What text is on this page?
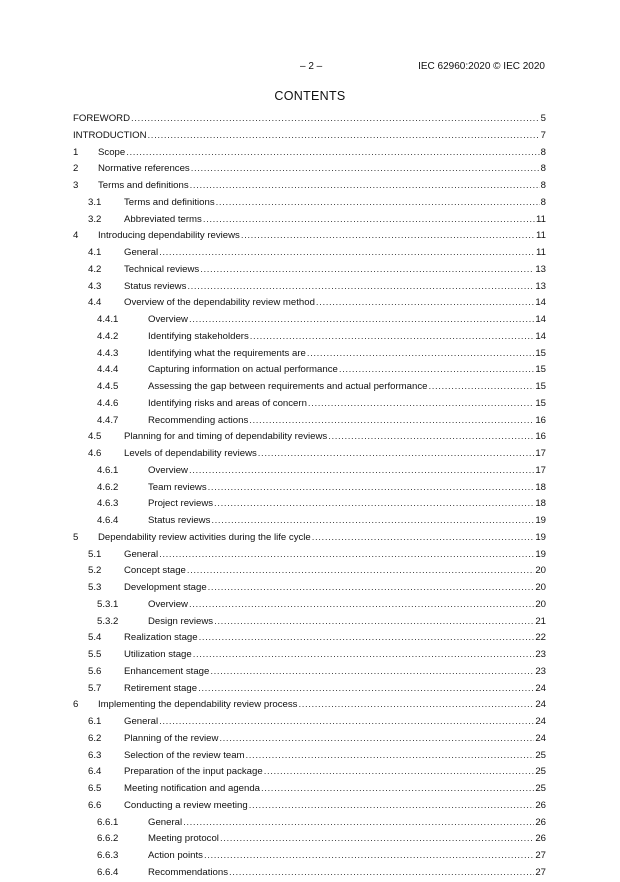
– 2 –	IEC 62960:2020 © IEC 2020
CONTENTS
FOREWORD .....	5
INTRODUCTION .....	7
1	Scope .....	8
2	Normative references .....	8
3	Terms and definitions .....	8
3.1	Terms and definitions .....	8
3.2	Abbreviated terms .....	11
4	Introducing dependability reviews .....	11
4.1	General .....	11
4.2	Technical reviews .....	13
4.3	Status reviews .....	13
4.4	Overview of the dependability review method .....	14
4.4.1	Overview .....	14
4.4.2	Identifying stakeholders .....	14
4.4.3	Identifying what the requirements are .....	15
4.4.4	Capturing information on actual performance .....	15
4.4.5	Assessing the gap between requirements and actual performance .....	15
4.4.6	Identifying risks and areas of concern .....	15
4.4.7	Recommending actions .....	16
4.5	Planning for and timing of dependability reviews .....	16
4.6	Levels of dependability reviews .....	17
4.6.1	Overview .....	17
4.6.2	Team reviews .....	18
4.6.3	Project reviews .....	18
4.6.4	Status reviews .....	19
5	Dependability review activities during the life cycle .....	19
5.1	General .....	19
5.2	Concept stage .....	20
5.3	Development stage .....	20
5.3.1	Overview .....	20
5.3.2	Design reviews .....	21
5.4	Realization stage .....	22
5.5	Utilization stage .....	23
5.6	Enhancement stage .....	23
5.7	Retirement stage .....	24
6	Implementing the dependability review process .....	24
6.1	General .....	24
6.2	Planning of the review .....	24
6.3	Selection of the review team .....	25
6.4	Preparation of the input package .....	25
6.5	Meeting notification and agenda .....	25
6.6	Conducting a review meeting .....	26
6.6.1	General .....	26
6.6.2	Meeting protocol .....	26
6.6.3	Action points .....	27
6.6.4	Recommendations .....	27
